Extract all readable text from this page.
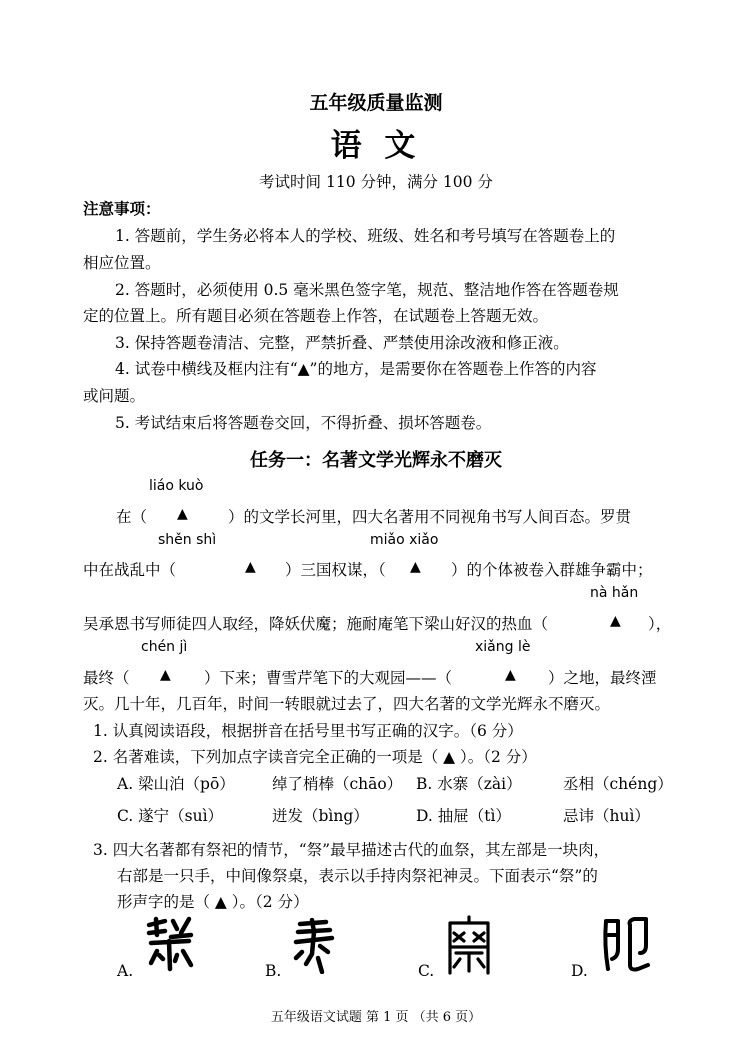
五年级质量监测
语 文
考试时间 110 分钟，满分 100 分
注意事项：
1. 答题前，学生务必将本人的学校、班级、姓名和考号填写在答题卷上的
相应位置。
2. 答题时，必须使用 0.5 毫米黑色签字笔，规范、整洁地作答在答题卷规
定的位置上。所有题目必须在答题卷上作答，在试题卷上答题无效。
3. 保持答题卷清洁、完整，严禁折叠、严禁使用涂改液和修正液。
4. 试卷中横线及框内注有“▲”的地方，是需要你在答题卷上作答的内容
或问题。
5. 考试结束后将答题卷交回，不得折叠、损坏答题卷。
任务一：名著文学光辉永不磨灭
liáo kuò
在（ ▲	）的文学长河里，四大名著用不同视角书写人间百态。罗贯
shěn shì	miǎo xiǎo
中在战乱中（	▲ ）三国权谋，（ ▲ ）的个体被卷入群雄争霸中；
nà hǎn
吴承恩书写师徒四人取经，降妖伏魔；施耐庵笔下梁山好汉的热血（	▲ ），
chén jì	xiǎng lè
最终（ ▲ ）下来；曹雪芹笔下的大观园——（	▲ ）之地，最终湮
灭。几十年，几百年，时间一转眼就过去了，四大名著的文学光辉永不磨灭。
1. 认真阅读语段，根据拼音在括号里书写正确的汉字。（6 分）
2. 名著难读，下列加点字读音完全正确的一项是（ ▲ ）。（2 分）
A. 梁山泊（pō） 绰了梢棒（chāo） B. 水寨（zài）	丞相（chéng）
C. 遂宁（suì）	迸发（bìng）	D. 抽屉（tì）	忌讳（huì）
3. 四大名著都有祭祀的情节，“祭”最早描述古代的血祭，其左部是一块肉，
右部是一只手，中间像祭桌，表示以手持肉祭祀神灵。下面表示“祭”的
形声字的是（ ▲ ）。（2 分）
A.	B.	C.	D.
五年级语文试题 第 1 页 （共 6 页）
